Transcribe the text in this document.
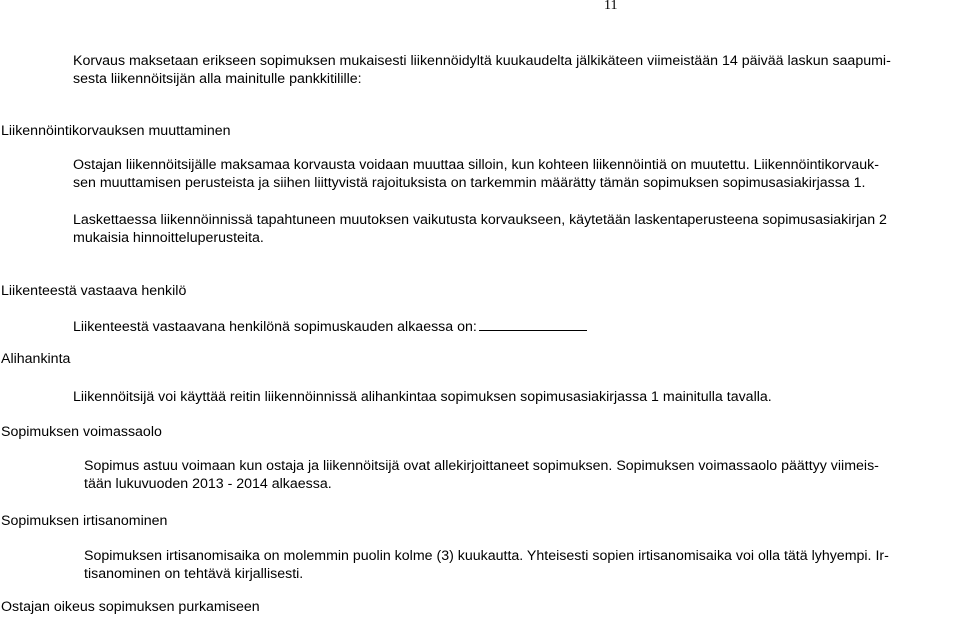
11

Korvaus maksetaan erikseen sopimuksen mukaisesti liikennöidyltä kuukaudelta jälkikäteen viimeistään 14 päivää laskun saapumi-

sesta liikennöitsijän alla mainitulle pankkitilille:

Liikennöintikorvauksen muuttaminen

Ostajan liikennöitsijälle maksamaa korvausta voidaan muuttaa silloin, kun kohteen liikennöintiä on muutettu. Liikennöintikorvauk-

sen muuttamisen perusteista ja siihen liittyvistä rajoituksista on tarkemmin määrätty tämän sopimuksen sopimusasiakirjassa 1.

Laskettaessa liikennöinnissä tapahtuneen muutoksen vaikutusta korvaukseen, käytetään laskentaperusteena sopimusasiakirjan 2

mukaisia hinnoitteluperusteita.

Liikenteestä vastaava henkilö
Liikenteestä vastaavana henkilönä sopimuskauden alkaessa on:
Alihankinta
Liikennöitsijä voi käyttää reitin liikennöinnissä alihankintaa sopimuksen sopimusasiakirjassa 1 mainitulla tavalla.
Sopimuksen voimassaolo

Sopimus astuu voimaan kun ostaja ja liikennöitsijä ovat allekirjoittaneet sopimuksen. Sopimuksen voimassaolo päättyy viimeis-

tään lukuvuoden 2013 - 2014 alkaessa.

Sopimuksen irtisanominen

Sopimuksen irtisanomisaika on molemmin puolin kolme (3) kuukautta. Yhteisesti sopien irtisanomisaika voi olla tätä lyhyempi. Ir-

tisanominen on tehtävä kirjallisesti.

Ostajan oikeus sopimuksen purkamiseen
